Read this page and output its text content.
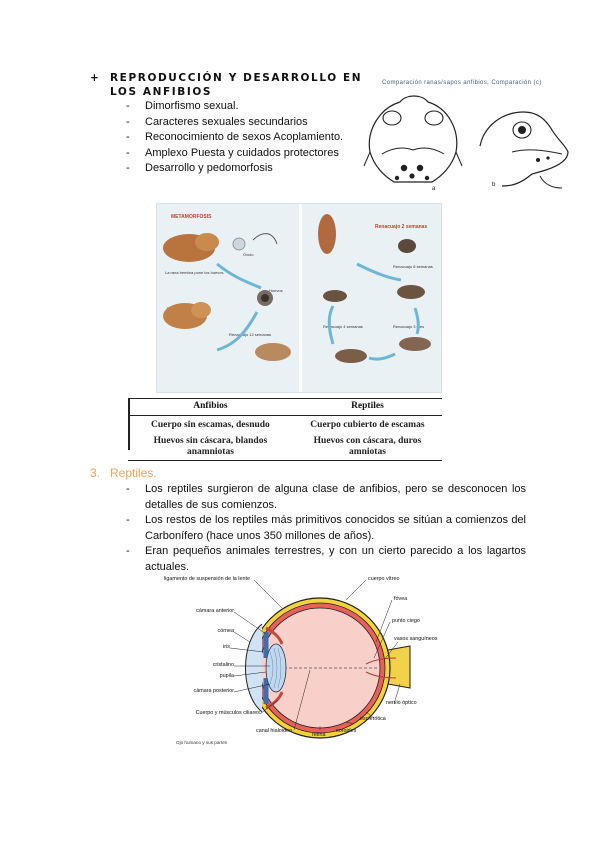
+ REPRODUCCIÓN Y DESARROLLO EN LOS ANFIBIOS
- Dimorfismo sexual.
- Caracteres sexuales secundarios
- Reconocimiento de sexos Acoplamiento.
- Amplexo Puesta y cuidados protectores
- Desarrollo y pedomorfosis
Comparación ranas/sapos anfibios, Comparación (c)
a
b
METAMORFOSIS
Renacuajo 2 semanas
La rana hembra pone los huevos
Óvulo
Huevos
Renacuajo 12 semanas
Renacuajo 8 semanas
Renacuajo 3 mes
Renacuajo 4 semanas
Anfibios	Reptiles
Cuerpo sin escamas, desnudo	Cuerpo cubierto de escamas
Huevos sin cáscara, blandos anamniotas	Huevos con cáscara, duros amniotas
3. Reptiles.
- Los reptiles surgieron de alguna clase de anfibios, pero se desconocen los detalles de sus comienzos.
- Los restos de los reptiles más primitivos conocidos se sitúan a comienzos del Carbonífero (hace unos 350 millones de años).
- Eran pequeños animales terrestres, y con un cierto parecido a los lagartos actuales.
ligamento de suspensión de la lente
cámara anterior
córnea
iris
cristalino
pupila
cámara posterior
Cuerpo y músculos ciliares
canal hialoideo
cuerpo vítreo
fóvea
punto ciego
vasos sanguíneos
nervio óptico
esclerótica
coroides
retina
Ojo humano y sus partes
